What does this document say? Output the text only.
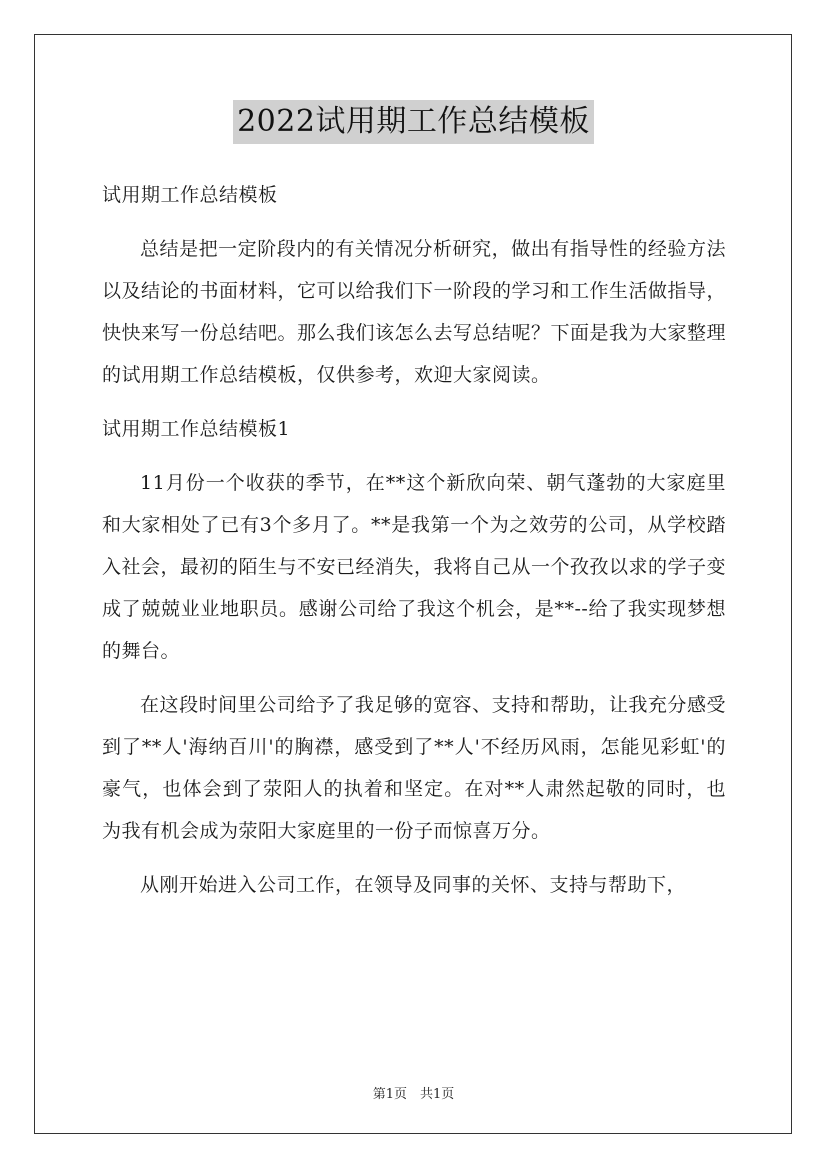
2022试用期工作总结模板
试用期工作总结模板

总结是把一定阶段内的有关情况分析研究，做出有指导性的经验方法以及结论的书面材料，它可以给我们下一阶段的学习和工作生活做指导，快快来写一份总结吧。那么我们该怎么去写总结呢？下面是我为大家整理的试用期工作总结模板，仅供参考，欢迎大家阅读。

试用期工作总结模板1

11月份一个收获的季节，在**这个新欣向荣、朝气蓬勃的大家庭里和大家相处了已有3个多月了。**是我第一个为之效劳的公司，从学校踏入社会，最初的陌生与不安已经消失，我将自己从一个孜孜以求的学子变成了兢兢业业地职员。感谢公司给了我这个机会，是**--给了我实现梦想的舞台。

在这段时间里公司给予了我足够的宽容、支持和帮助，让我充分感受到了**人'海纳百川'的胸襟，感受到了**人'不经历风雨，怎能见彩虹'的豪气，也体会到了荥阳人的执着和坚定。在对**人肃然起敬的同时，也为我有机会成为荥阳大家庭里的一份子而惊喜万分。

从刚开始进入公司工作，在领导及同事的关怀、支持与帮助下，

第1页　共1页
